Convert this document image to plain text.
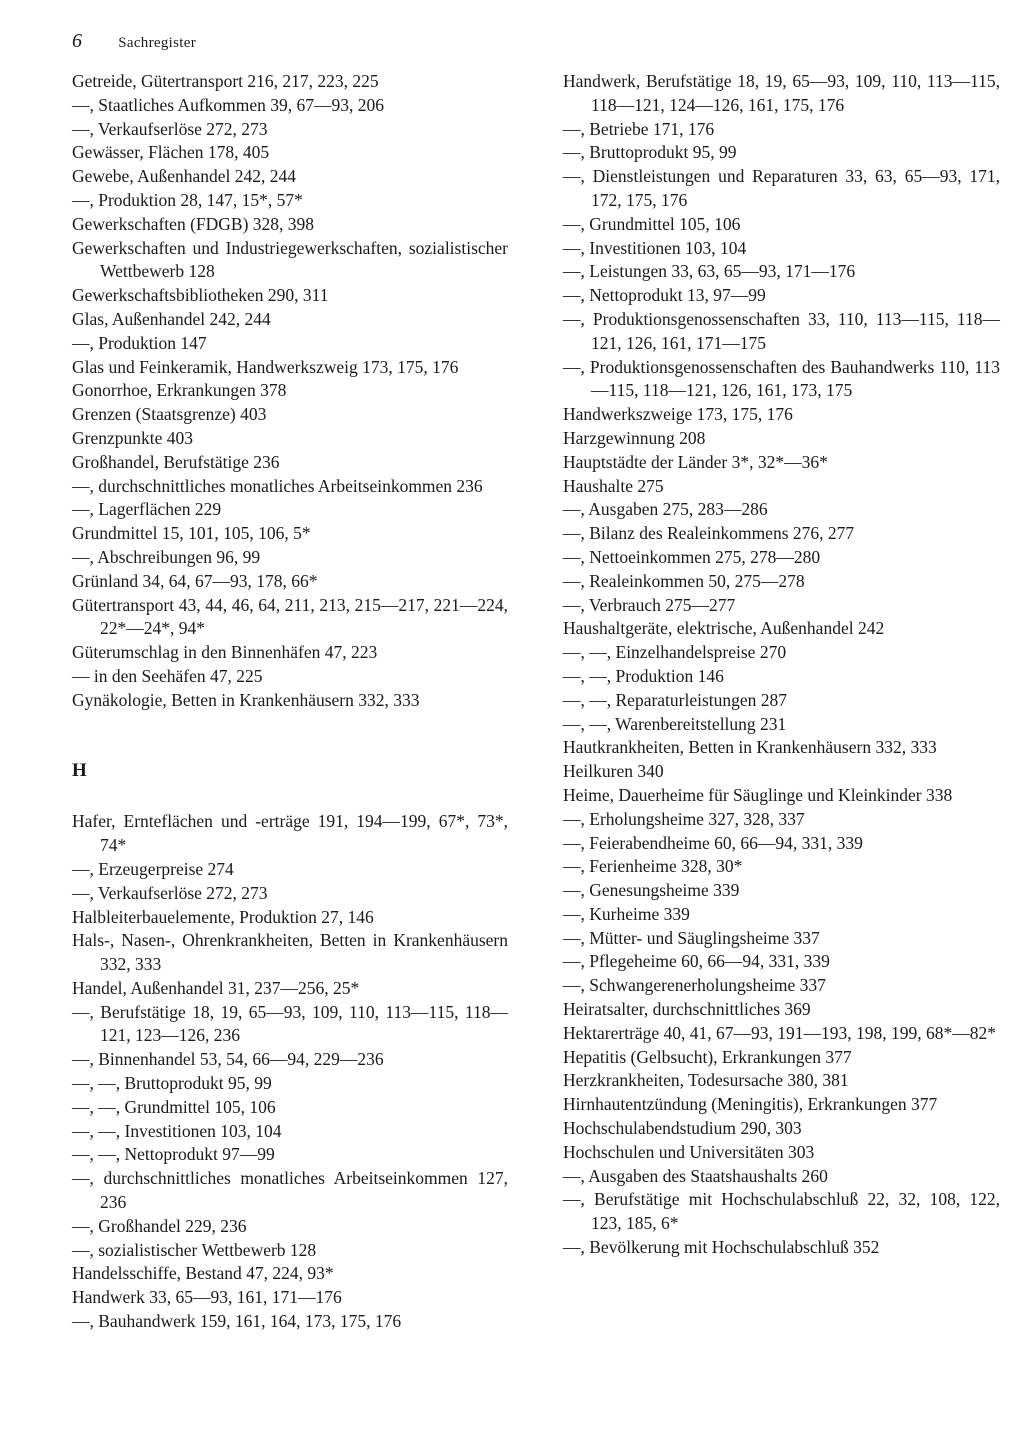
6 Sachregister
Getreide, Gütertransport 216, 217, 223, 225
—, Staatliches Aufkommen 39, 67—93, 206
—, Verkaufserlöse 272, 273
Gewässer, Flächen 178, 405
Gewebe, Außenhandel 242, 244
—, Produktion 28, 147, 15*, 57*
Gewerkschaften (FDGB) 328, 398
Gewerkschaften und Industriegewerkschaften, sozialistischer Wettbewerb 128
Gewerkschaftsbibliotheken 290, 311
Glas, Außenhandel 242, 244
—, Produktion 147
Glas und Feinkeramik, Handwerkszweig 173, 175, 176
Gonorrhoe, Erkrankungen 378
Grenzen (Staatsgrenze) 403
Grenzpunkte 403
Großhandel, Berufstätige 236
—, durchschnittliches monatliches Arbeitseinkommen 236
—, Lagerflächen 229
Grundmittel 15, 101, 105, 106, 5*
—, Abschreibungen 96, 99
Grünland 34, 64, 67—93, 178, 66*
Gütertransport 43, 44, 46, 64, 211, 213, 215—217, 221—224, 22*—24*, 94*
Güterumschlag in den Binnenhäfen 47, 223
— in den Seehäfen 47, 225
Gynäkologie, Betten in Krankenhäusern 332, 333
H
Hafer, Ernteflächen und -erträge 191, 194—199, 67*, 73*, 74*
—, Erzeugerpreise 274
—, Verkaufserlöse 272, 273
Halbleiterbauelemente, Produktion 27, 146
Hals-, Nasen-, Ohrenkrankheiten, Betten in Krankenhäusern 332, 333
Handel, Außenhandel 31, 237—256, 25*
—, Berufstätige 18, 19, 65—93, 109, 110, 113—115, 118—121, 123—126, 236
—, Binnenhandel 53, 54, 66—94, 229—236
—, —, Bruttoprodukt 95, 99
—, —, Grundmittel 105, 106
—, —, Investitionen 103, 104
—, —, Nettoprodukt 97—99
—, durchschnittliches monatliches Arbeitseinkommen 127, 236
—, Großhandel 229, 236
—, sozialistischer Wettbewerb 128
Handelsschiffe, Bestand 47, 224, 93*
Handwerk 33, 65—93, 161, 171—176
—, Bauhandwerk 159, 161, 164, 173, 175, 176
Handwerk, Berufstätige 18, 19, 65—93, 109, 110, 113—115, 118—121, 124—126, 161, 175, 176
—, Betriebe 171, 176
—, Bruttoprodukt 95, 99
—, Dienstleistungen und Reparaturen 33, 63, 65—93, 171, 172, 175, 176
—, Grundmittel 105, 106
—, Investitionen 103, 104
—, Leistungen 33, 63, 65—93, 171—176
—, Nettoprodukt 13, 97—99
—, Produktionsgenossenschaften 33, 110, 113—115, 118—121, 126, 161, 171—175
—, Produktionsgenossenschaften des Bauhandwerks 110, 113—115, 118—121, 126, 161, 173, 175
Handwerkszweige 173, 175, 176
Harzgewinnung 208
Hauptstädte der Länder 3*, 32*—36*
Haushalte 275
—, Ausgaben 275, 283—286
—, Bilanz des Realeinkommens 276, 277
—, Nettoeinkommen 275, 278—280
—, Realeinkommen 50, 275—278
—, Verbrauch 275—277
Haushaltgeräte, elektrische, Außenhandel 242
—, —, Einzelhandelspreise 270
—, —, Produktion 146
—, —, Reparaturleistungen 287
—, —, Warenbereitstellung 231
Hautkrankheiten, Betten in Krankenhäusern 332, 333
Heilkuren 340
Heime, Dauerheime für Säuglinge und Kleinkinder 338
—, Erholungsheime 327, 328, 337
—, Feierabendheime 60, 66—94, 331, 339
—, Ferienheime 328, 30*
—, Genesungsheime 339
—, Kurheime 339
—, Mütter- und Säuglingsheime 337
—, Pflegeheime 60, 66—94, 331, 339
—, Schwangerenerholungsheime 337
Heiratsalter, durchschnittliches 369
Hektarerträge 40, 41, 67—93, 191—193, 198, 199, 68*—82*
Hepatitis (Gelbsucht), Erkrankungen 377
Herzkrankheiten, Todesursache 380, 381
Hirnhautentzündung (Meningitis), Erkrankungen 377
Hochschulabendstudium 290, 303
Hochschulen und Universitäten 303
—, Ausgaben des Staatshaushalts 260
—, Berufstätige mit Hochschulabschluß 22, 32, 108, 122, 123, 185, 6*
—, Bevölkerung mit Hochschulabschluß 352
